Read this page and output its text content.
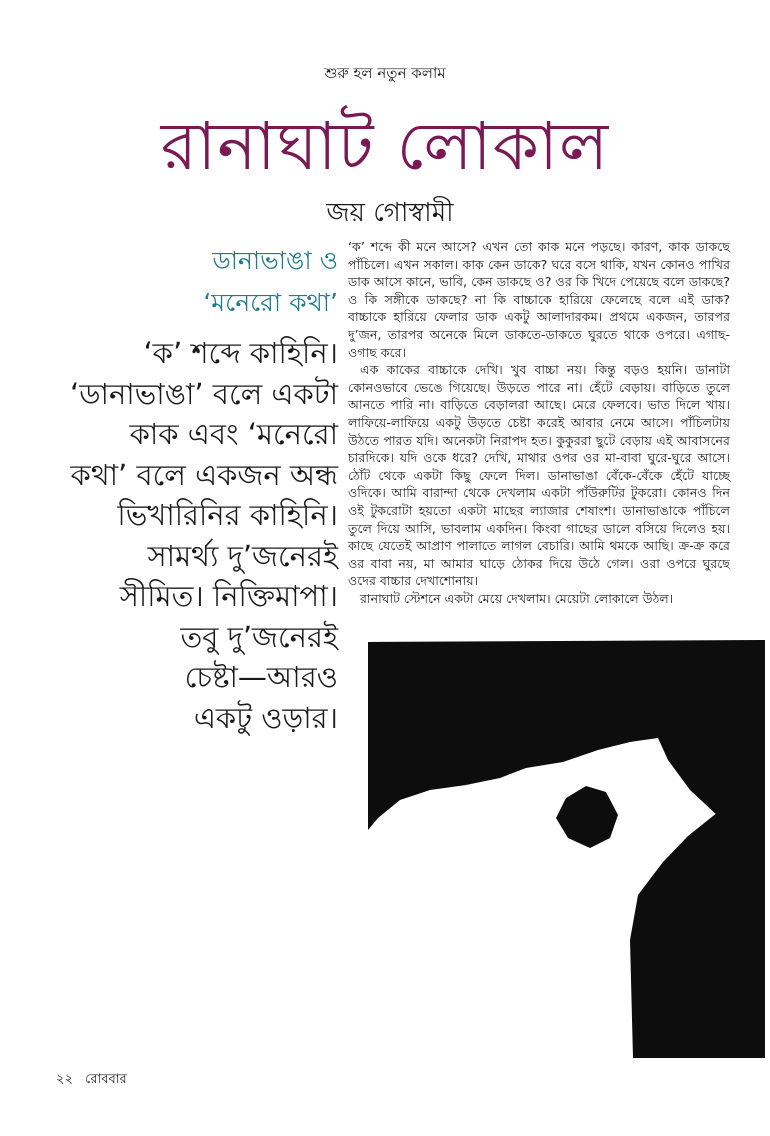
শুরু হল নতুন কলাম
রানাঘাট লোকাল
জয় গোস্বামী
ডানাভাঙা ও
‘মনেরো কথা’
‘ক’ শব্দে কাহিনি।
‘ডানাভাঙা’ বলে একটা
কাক এবং ‘মনেরো
কথা’ বলে একজন অন্ধ
ভিখারিনির কাহিনি।
সামর্থ্য দু’জনেরই
সীমিত। নিক্তিমাপা।
তবু দু’জনেরই
চেষ্টা—আরও
একটু ওড়ার।

‘ক’ শব্দে কী মনে আসে? এখন তো কাক মনে পড়ছে। কারণ, কাক ডাকছে পাঁচিলে। এখন সকাল। কাক কেন ডাকে? ঘরে বসে থাকি, যখন কোনও পাখির ডাক আসে কানে, ভাবি, কেন ডাকছে ও? ওর কি খিদে পেয়েছে বলে ডাকছে? ও কি সঙ্গীকে ডাকছে? না কি বাচ্চাকে হারিয়ে ফেলেছে বলে এই ডাক? বাচ্চাকে হারিয়ে ফেলার ডাক একটু আলাদারকম। প্রথমে একজন, তারপর দু’জন, তারপর অনেকে মিলে ডাকতে-ডাকতে ঘুরতে থাকে ওপরে। এগাছ-ওগাছ করে।

এক কাকের বাচ্চাকে দেখি। খুব বাচ্চা নয়। কিন্তু বড়ও হয়নি। ডানাটা কোনওভাবে ভেঙে গিয়েছে। উড়তে পারে না। হেঁটে বেড়ায়। বাড়িতে তুলে আনতে পারি না। বাড়িতে বেড়ালরা আছে। মেরে ফেলবে। ভাত দিলে খায়। লাফিয়ে-লাফিয়ে একটু উড়তে চেষ্টা করেই আবার নেমে আসে। পাঁচিলটায় উঠতে পারত যদি। অনেকটা নিরাপদ হত। কুকুররা ছুটে বেড়ায় এই আবাসনের চারদিকে। যদি ওকে ধরে? দেখি, মাথার ওপর ওর মা-বাবা ঘুরে-ঘুরে আসে। ঠোঁট থেকে একটা কিছু ফেলে দিল। ডানাভাঙা বেঁকে-বেঁকে হেঁটে যাচ্ছে ওদিকে। আমি বারান্দা থেকে দেখলাম একটা পাঁউরুটির টুকরো। কোনও দিন ওই টুকরোটা হয়তো একটা মাছের ল্যাজার শেষাংশ। ডানাভাঙাকে পাঁচিলে তুলে দিয়ে আসি, ভাবলাম একদিন। কিংবা গাছের ডালে বসিয়ে দিলেও হয়। কাছে যেতেই আপ্রাণ পালাতে লাগল বেচারি। আমি থমকে আছি। ক্র-ক্র করে ওর বাবা নয়, মা আমার ঘাড়ে ঠোকর দিয়ে উঠে গেল। ওরা ওপরে ঘুরছে ওদের বাচ্চার দেখাশোনায়।

রানাঘাট স্টেশনে একটা মেয়ে দেখলাম। মেয়েটা লোকালে উঠল।

২২ রোববার
